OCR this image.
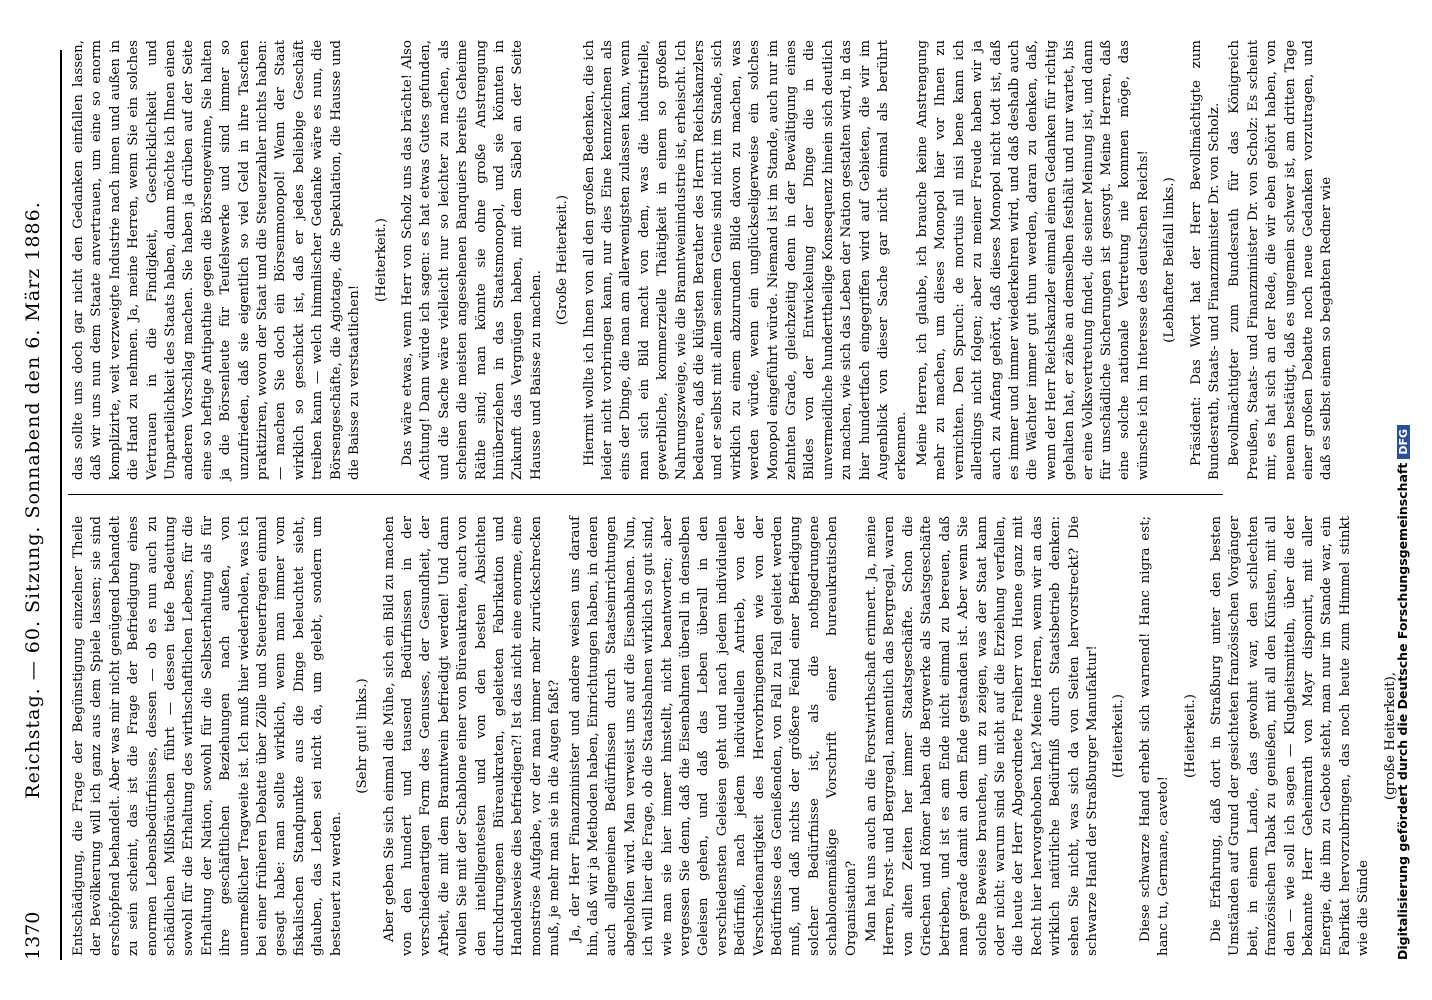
1370
Reichstag. — 60. Sitzung. Sonnabend den 6. März 1886. Entschädigung, die Frage der Begünstigung einzelner Theile der Bevölkerung will ich ganz aus dem Spiele lassen; sie sind erschöpfend behandelt. Aber was mir nicht genügend behandelt zu sein scheint, das ist die Frage der Befriedigung eines enormen Lebensbedürfnisses, dessen — ob es nun auch zu schädlichen Mißbräuchen führt — dessen tiefe Bedeutung sowohl für die Erhaltung des wirthschaftlichen Lebens, für die Erhaltung der Nation, sowohl für die Selbsterhaltung als für ihre geschäftlichen Beziehungen nach außen, von unermeßlicher Tragweite ist. Ich muß hier wiederholen, was ich bei einer früheren Debatte über Zölle und Steuerfragen einmal gesagt habe: man sollte wirklich, wenn man immer vom fiskalischen Standpunkte aus die Dinge beleuchtet sieht, glauben, das Leben sei nicht da, um gelebt, sondern um besteuert zu werden.

(Sehr gut! links.) Aber geben Sie sich einmal die Mühe, sich ein Bild zu machen von den hundert und tausend Bedürfnissen in der verschiedenartigen Form des Genusses, der Gesundheit, der Arbeit, die mit dem Branntwein befriedigt werden! Und dann wollen Sie mit der Schablone einer von Büreaukraten, auch von den intelligentesten und von den besten Absichten durchdrungenen Büreaukraten, geleiteten Fabrikation und Handelsweise dies befriedigen?! Ist das nicht eine enorme, eine monströse Aufgabe, vor der man immer mehr zurückschrecken muß, je mehr man sie in die Augen faßt? Ja, der Herr Finanzminister und andere weisen uns darauf hin, daß wir ja Methoden haben, Einrichtungen haben, in denen auch allgemeinen Bedürfnissen durch Staatseinrichtungen abgeholfen wird. Man verweist uns auf die Eisenbahnen. Nun, ich will hier die Frage, ob die Staatsbahnen wirklich so gut sind, wie man sie hier immer hinstellt, nicht beantworten; aber vergessen Sie denn, daß die Eisenbahnen überall in denselben Geleisen gehen, und daß das Leben überall in den verschiedensten Geleisen geht und nach jedem individuellen Bedürfniß, nach jedem individuellen Antrieb, von der Verschiedenartigkeit des Hervorbringenden wie von der Bedürfnisse des Genießenden, von Fall zu Fall geleitet werden muß, und daß nichts der größere Feind einer Befriedigung solcher Bedürfnisse ist, als die nothgedrungene schablonenmäßige Vorschrift einer bureaukratischen Organisation? Man hat uns auch an die Forstwirthschaft erinnert. Ja, meine Herren, Forst- und Bergregal, namentlich das Bergregal, waren von alten Zeiten her immer Staatsgeschäfte. Schon die Griechen und Römer haben die Bergwerke als Staatsgeschäfte betrieben, und ist es am Ende nicht einmal zu bereuen, daß man gerade damit an dem Ende gestanden ist. Aber wenn Sie solche Beweise brauchen, um zu zeigen, was der Staat kann oder nicht: warum sind Sie nicht auf die Erziehung verfallen, die heute der Herr Abgeordnete Freiherr von Huene ganz mit Recht hier hervorgehoben hat? Meine Herren, wenn wir an das wirklich natürliche Bedürfniß durch Staatsbetrieb denken: sehen Sie nicht, was sich da von Seiten hervorstreckt? Die schwarze Hand der Straßburger Manufaktur! (Heiterkeit.) Diese schwarze Hand erhebt sich warnend! Hanc nigra est; hanc tu, Germane, caveto!

(Heiterkeit.) Die Erfahrung, daß dort in Straßburg unter den besten Umständen auf Grund der gesichteten französischen Vorgänger beit, in einem Lande, das gewohnt war, den schlechten französischen Tabak zu genießen, mit all den Künsten, mit all den — wie soll ich sagen — Klugheitsmitteln, über die der bekannte Herr Geheimrath von Mayr disponirt, mit aller Energie, die ihm zu Gebote steht, man nur im Stande war, ein Fabrikat hervorzubringen, das noch heute zum Himmel stinkt wie die Sünde

(große Heiterkeit),

das sollte uns doch gar nicht den Gedanken einfallen lassen, daß wir uns nun dem Staate anvertrauen, um eine so enorm komplizirte, weit verzweigte Industrie nach innen und außen in die Hand zu nehmen. Ja, meine Herren, wenn Sie ein solches Vertrauen in die Findigkeit, Geschicklichkeit und Unparteilichkeit des Staats haben, dann möchte ich Ihnen einen anderen Vorschlag machen. Sie haben ja drüben auf der Seite eine so heftige Antipathie gegen die Börsengewinne, Sie halten ja die Börsenleute für Teufelswerke und sind immer so unzufrieden, daß sie eigentlich so viel Geld in ihre Taschen praktiziren, wovon der Staat und die Steuerzahler nichts haben: — machen Sie doch ein Börsenmonopol! Wenn der Staat wirklich so geschickt ist, daß er jedes beliebige Geschäft treiben kann — welch himmlischer Gedanke wäre es nun, die Börsengeschäfte, die Agiotage, die Spekulation, die Hausse und die Baisse zu verstaatlichen!

(Heiterkeit.) Das wäre etwas, wenn Herr von Scholz uns das brächte! Also Achtung! Dann würde ich sagen: es hat etwas Gutes gefunden, und die Sache wäre vielleicht nur so leichter zu machen, als scheinen die meisten angesehenen Banquiers bereits Geheime Räthe sind; man könnte sie ohne große Anstrengung hinüberziehen in das Staatsmonopol, und sie könnten in Zukunft das Vergnügen haben, mit dem Säbel an der Seite Hausse und Baisse zu machen.

(Große Heiterkeit.) Hiermit wollte ich Ihnen von all den großen Bedenken, die ich leider nicht vorbringen kann, nur dies Eine kennzeichnen als eins der Dinge, die man am allerwenigsten zulassen kann, wenn man sich ein Bild macht von dem, was die industrielle, gewerbliche, kommerzielle Thätigkeit in einem so großen Nahrungszweige, wie die Branntweinindustrie ist, erheischt. Ich bedauere, daß die klügsten Berather des Herrn Reichskanzlers und er selbst mit allem seinem Genie sind nicht im Stande, sich wirklich zu einem abzurunden Bilde davon zu machen, was werden würde, wenn ein unglückseligerweise ein solches Monopol eingeführt würde. Niemand ist im Stande, auch nur im zehnten Grade, gleichzeitig denn in der Bewältigung eines Bildes von der Entwickelung der Dinge die in die unvermeidliche hunderttheilige Konsequenz hinein sich deutlich zu machen, wie sich das Leben der Nation gestalten wird, in das hier hundertfach eingegriffen wird auf Gebieten, die wir im Augenblick von dieser Sache gar nicht einmal als berührt erkennen. Meine Herren, ich glaube, ich brauche keine Anstrengung mehr zu machen, um dieses Monopol hier vor Ihnen zu vernichten. Den Spruch: de mortuis nil nisi bene kann ich allerdings nicht folgen; aber zu meiner Freude haben wir ja auch zu Anfang gehört, daß dieses Monopol nicht todt ist, daß es immer und immer wiederkehren wird, und daß deshalb auch die Wächter immer gut thun werden, daran zu denken, daß, wenn der Herr Reichskanzler einmal einen Gedanken für richtig gehalten hat, er zähe an demselben festhält und nur wartet, bis er eine Volksvertretung findet, die seiner Meinung ist, und dann für unschädliche Sicherungen ist gesorgt. Meine Herren, daß eine solche nationale Vertretung nie kommen möge, das wünsche ich im Interesse des deutschen Reichs! (Lebhafter Beifall links.) Präsident: Das Wort hat der Herr Bevollmächtigte zum Bundesrath, Staats- und Finanzminister Dr. von Scholz. Bevollmächtigter zum Bundesrath für das Königreich Preußen, Staats- und Finanzminister Dr. von Scholz: Es scheint mir, es hat sich an der Rede, die wir eben gehört haben, von neuem bestätigt, daß es ungemein schwer ist, am dritten Tage einer großen Debatte noch neue Gedanken vorzutragen, und daß es selbst einem so begabten Redner wie

Digitalisierung gefördert durch die Deutsche ForschungsgemeinschaftDFG
